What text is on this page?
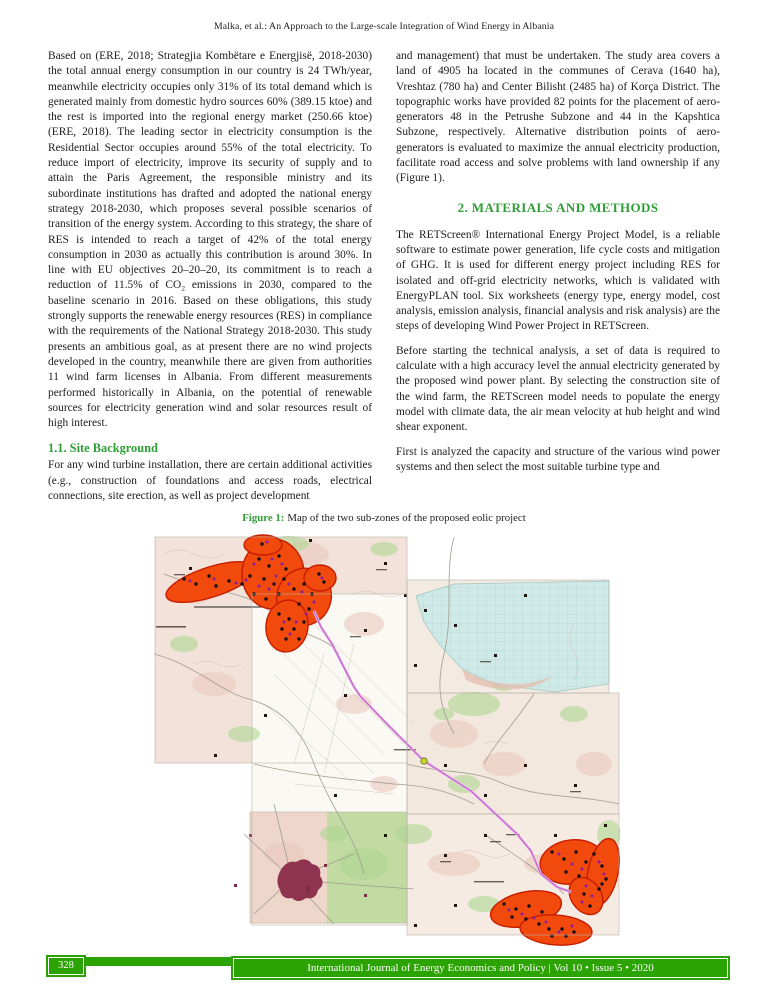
Malka, et al.: An Approach to the Large-scale Integration of Wind Energy in Albania

Based on (ERE, 2018; Strategjia Kombëtare e Energjisë, 2018-2030) the total annual energy consumption in our country is 24 TWh/year, meanwhile electricity occupies only 31% of its total demand which is generated mainly from domestic hydro sources 60% (389.15 ktoe) and the rest is imported into the regional energy market (250.66 ktoe) (ERE, 2018). The leading sector in electricity consumption is the Residential Sector occupies around 55% of the total electricity. To reduce import of electricity, improve its security of supply and to attain the Paris Agreement, the responsible ministry and its subordinate institutions has drafted and adopted the national energy strategy 2018-2030, which proposes several possible scenarios of transition of the energy system. According to this strategy, the share of RES is intended to reach a target of 42% of the total energy consumption in 2030 as actually this contribution is around 30%. In line with EU objectives 20–20–20, its commitment is to reach a reduction of 11.5% of CO₂ emissions in 2030, compared to the baseline scenario in 2016. Based on these obligations, this study strongly supports the renewable energy resources (RES) in compliance with the requirements of the National Strategy 2018-2030. This study presents an ambitious goal, as at present there are no wind projects developed in the country, meanwhile there are given from authorities 11 wind farm licenses in Albania. From different measurements performed historically in Albania, on the potential of renewable sources for electricity generation wind and solar resources result of high interest.

1.1. Site Background

For any wind turbine installation, there are certain additional activities (e.g., construction of foundations and access roads, electrical connections, site erection, as well as project development

and management) that must be undertaken. The study area covers a land of 4905 ha located in the communes of Cerava (1640 ha), Vreshtaz (780 ha) and Center Bilisht (2485 ha) of Korça District. The topographic works have provided 82 points for the placement of aero-generators 48 in the Petrushe Subzone and 44 in the Kapshtica Subzone, respectively. Alternative distribution points of aero-generators is evaluated to maximize the annual electricity production, facilitate road access and solve problems with land ownership if any (Figure 1).

2. MATERIALS AND METHODS

The RETScreen® International Energy Project Model, is a reliable software to estimate power generation, life cycle costs and mitigation of GHG. It is used for different energy project including RES for isolated and off-grid electricity networks, which is validated with EnergyPLAN tool. Six worksheets (energy type, energy model, cost analysis, emission analysis, financial analysis and risk analysis) are the steps of developing Wind Power Project in RETScreen.

Before starting the technical analysis, a set of data is required to calculate with a high accuracy level the annual electricity generated by the proposed wind power plant. By selecting the construction site of the wind farm, the RETScreen model needs to populate the energy model with climate data, the air mean velocity at hub height and wind shear exponent.

First is analyzed the capacity and structure of the various wind power systems and then select the most suitable turbine type and

Figure 1: Map of the two sub-zones of the proposed eolic project
328	International Journal of Energy Economics and Policy | Vol 10 • Issue 5 • 2020
